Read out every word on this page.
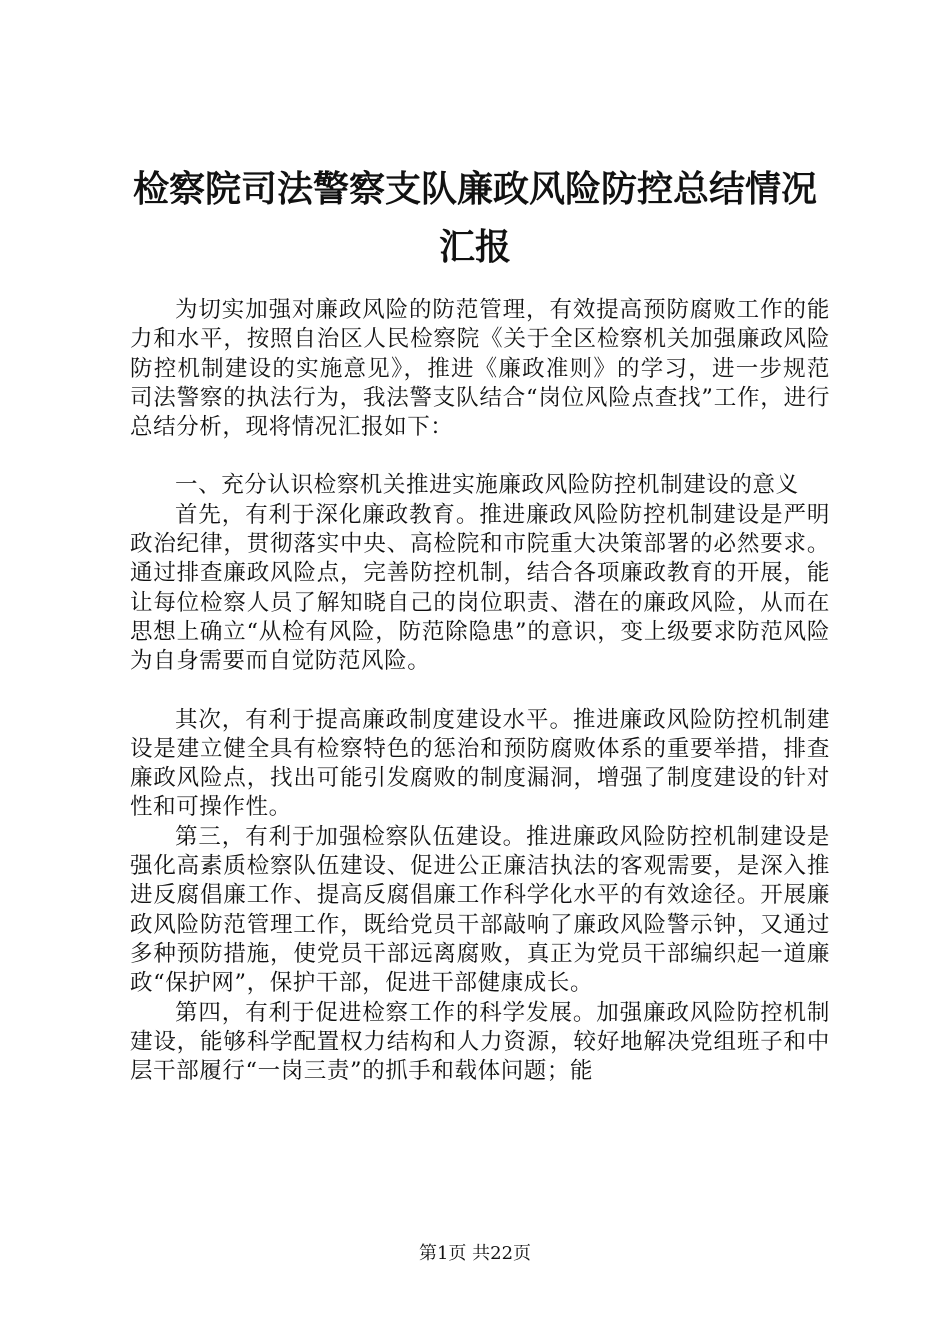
检察院司法警察支队廉政风险防控总结情况汇报

为切实加强对廉政风险的防范管理，有效提高预防腐败工作的能力和水平，按照自治区人民检察院《关于全区检察机关加强廉政风险防控机制建设的实施意见》，推进《廉政准则》的学习，进一步规范司法警察的执法行为，我法警支队结合“岗位风险点查找”工作，进行总结分析，现将情况汇报如下：

一、充分认识检察机关推进实施廉政风险防控机制建设的意义

首先，有利于深化廉政教育。推进廉政风险防控机制建设是严明政治纪律，贯彻落实中央、高检院和市院重大决策部署的必然要求。通过排查廉政风险点，完善防控机制，结合各项廉政教育的开展，能让每位检察人员了解知晓自己的岗位职责、潜在的廉政风险，从而在思想上确立“从检有风险，防范除隐患”的意识，变上级要求防范风险为自身需要而自觉防范风险。

其次，有利于提高廉政制度建设水平。推进廉政风险防控机制建设是建立健全具有检察特色的惩治和预防腐败体系的重要举措，排查廉政风险点，找出可能引发腐败的制度漏洞，增强了制度建设的针对性和可操作性。

第三，有利于加强检察队伍建设。推进廉政风险防控机制建设是强化高素质检察队伍建设、促进公正廉洁执法的客观需要，是深入推进反腐倡廉工作、提高反腐倡廉工作科学化水平的有效途径。开展廉政风险防范管理工作，既给党员干部敲响了廉政风险警示钟，又通过多种预防措施，使党员干部远离腐败，真正为党员干部编织起一道廉政“保护网”，保护干部，促进干部健康成长。

第四，有利于促进检察工作的科学发展。加强廉政风险防控机制建设，能够科学配置权力结构和人力资源，较好地解决党组班子和中层干部履行“一岗三责”的抓手和载体问题；能

第1页 共22页
